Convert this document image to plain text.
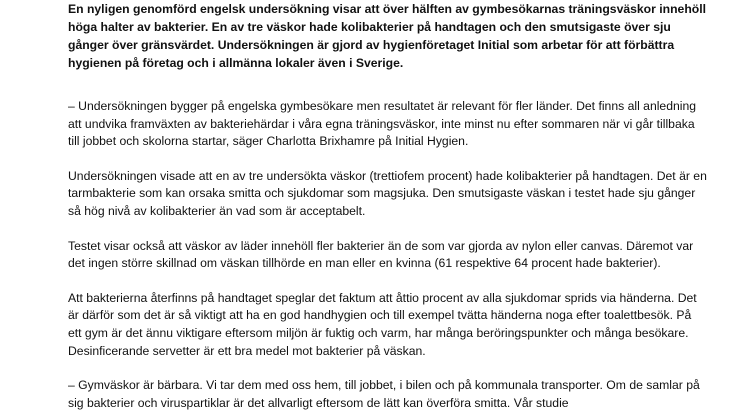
En nyligen genomförd engelsk undersökning visar att över hälften av gymbesökarnas träningsväskor innehöll höga halter av bakterier. En av tre väskor hade kolibakterier på handtagen och den smutsigaste över sju gånger över gränsvärdet. Undersökningen är gjord av hygienföretaget Initial som arbetar för att förbättra hygienen på företag och i allmänna lokaler även i Sverige.

– Undersökningen bygger på engelska gymbesökare men resultatet är relevant för fler länder. Det finns all anledning att undvika framväxten av bakteriehärdar i våra egna träningsväskor, inte minst nu efter sommaren när vi går tillbaka till jobbet och skolorna startar, säger Charlotta Brixhamre på Initial Hygien.

Undersökningen visade att en av tre undersökta väskor (trettiofem procent) hade kolibakterier på handtagen. Det är en tarmbakterie som kan orsaka smitta och sjukdomar som magsjuka. Den smutsigaste väskan i testet hade sju gånger så hög nivå av kolibakterier än vad som är acceptabelt.

Testet visar också att väskor av läder innehöll fler bakterier än de som var gjorda av nylon eller canvas. Däremot var det ingen större skillnad om väskan tillhörde en man eller en kvinna (61 respektive 64 procent hade bakterier).

Att bakterierna återfinns på handtaget speglar det faktum att åttio procent av alla sjukdomar sprids via händerna. Det är därför som det är så viktigt att ha en god handhygien och till exempel tvätta händerna noga efter toalettbesök. På ett gym är det ännu viktigare eftersom miljön är fuktig och varm, har många beröringspunkter och många besökare. Desinficerande servetter är ett bra medel mot bakterier på väskan.

– Gymväskor är bärbara. Vi tar dem med oss hem, till jobbet, i bilen och på kommunala transporter. Om de samlar på sig bakterier och viruspartiklar är det allvarligt eftersom de lätt kan överföra smitta. Vår studie
